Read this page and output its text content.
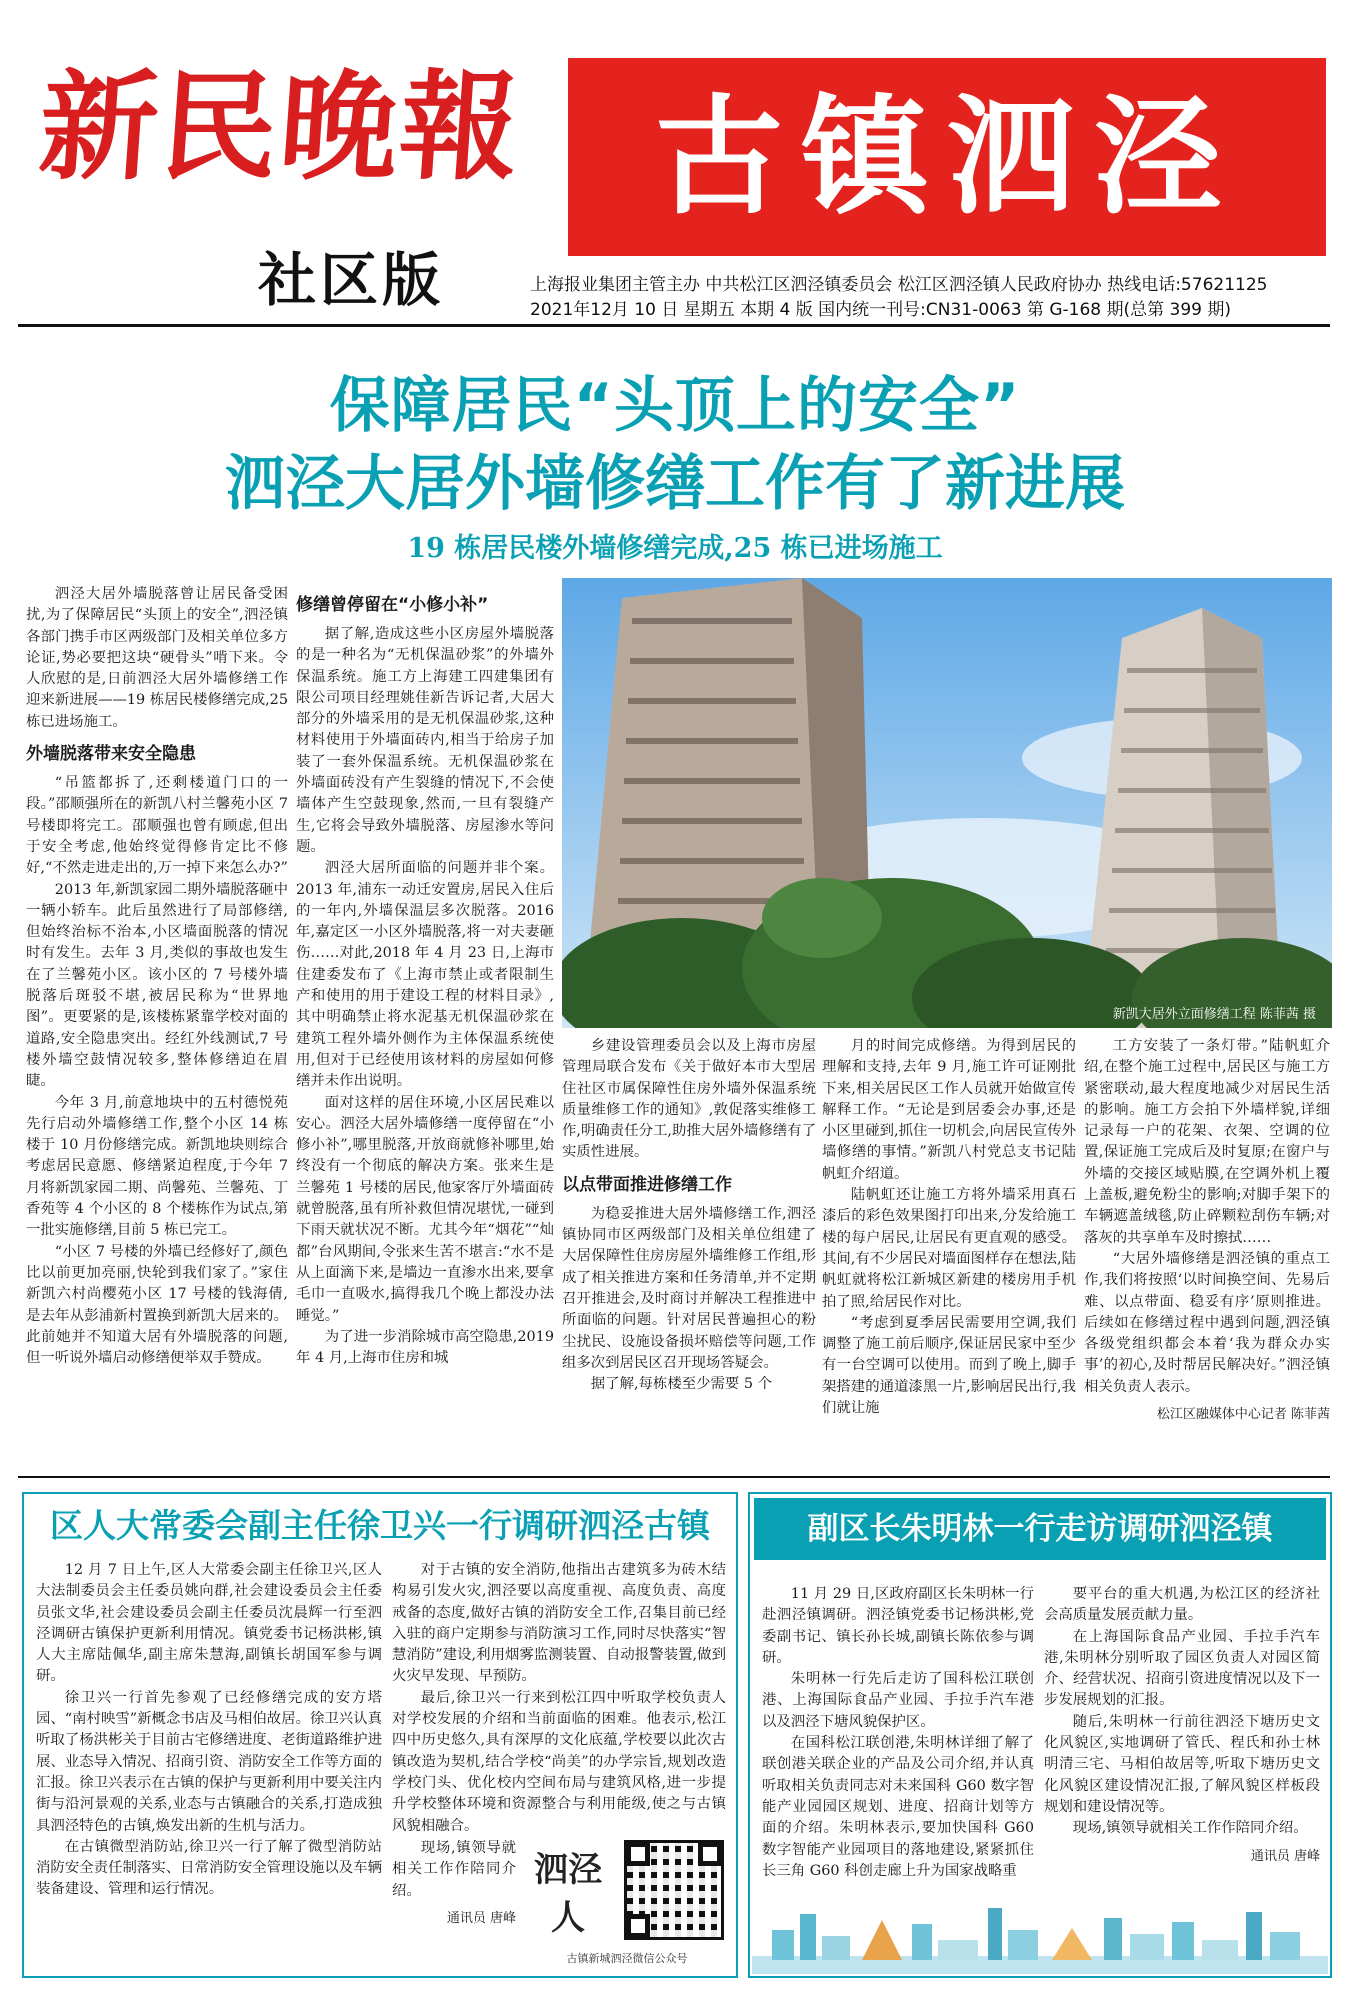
新民晚報
社区版
古镇泗泾
上海报业集团主管主办 中共松江区泗泾镇委员会 松江区泗泾镇人民政府协办 热线电话:57621125
2021年12月 10 日 星期五 本期 4 版 国内统一刊号:CN31-0063 第 G-168 期(总第 399 期)
保障居民“头顶上的安全”
泗泾大居外墙修缮工作有了新进展
19 栋居民楼外墙修缮完成,25 栋已进场施工

泗泾大居外墙脱落曾让居民备受困扰,为了保障居民“头顶上的安全”,泗泾镇各部门携手市区两级部门及相关单位多方论证,势必要把这块“硬骨头”啃下来。令人欣慰的是,日前泗泾大居外墙修缮工作迎来新进展——19 栋居民楼修缮完成,25 栋已进场施工。

外墙脱落带来安全隐患

“吊篮都拆了,还剩楼道门口的一段。”邵顺强所在的新凯八村兰馨苑小区 7 号楼即将完工。邵顺强也曾有顾虑,但出于安全考虑,他始终觉得修肯定比不修好,“不然走进走出的,万一掉下来怎么办?”

2013 年,新凯家园二期外墙脱落砸中一辆小轿车。此后虽然进行了局部修缮,但始终治标不治本,小区墙面脱落的情况时有发生。去年 3 月,类似的事故也发生在了兰馨苑小区。该小区的 7 号楼外墙脱落后斑驳不堪,被居民称为“世界地图”。更要紧的是,该楼栋紧靠学校对面的道路,安全隐患突出。经红外线测试,7 号楼外墙空鼓情况较多,整体修缮迫在眉睫。

今年 3 月,前意地块中的五村德悦苑先行启动外墙修缮工作,整个小区 14 栋楼于 10 月份修缮完成。新凯地块则综合考虑居民意愿、修缮紧迫程度,于今年 7 月将新凯家园二期、尚馨苑、兰馨苑、丁香苑等 4 个小区的 8 个楼栋作为试点,第一批实施修缮,目前 5 栋已完工。

“小区 7 号楼的外墙已经修好了,颜色比以前更加亮丽,快轮到我们家了。”家住新凯六村尚樱苑小区 17 号楼的钱海倩,是去年从彭浦新村置换到新凯大居来的。此前她并不知道大居有外墙脱落的问题,但一听说外墙启动修缮便举双手赞成。

修缮曾停留在“小修小补”

据了解,造成这些小区房屋外墙脱落的是一种名为“无机保温砂浆”的外墙外保温系统。施工方上海建工四建集团有限公司项目经理姚佳新告诉记者,大居大部分的外墙采用的是无机保温砂浆,这种材料使用于外墙面砖内,相当于给房子加装了一套外保温系统。无机保温砂浆在外墙面砖没有产生裂缝的情况下,不会使墙体产生空鼓现象,然而,一旦有裂缝产生,它将会导致外墙脱落、房屋渗水等问题。

泗泾大居所面临的问题并非个案。2013 年,浦东一动迁安置房,居民入住后的一年内,外墙保温层多次脱落。2016 年,嘉定区一小区外墙脱落,将一对夫妻砸伤……对此,2018 年 4 月 23 日,上海市住建委发布了《上海市禁止或者限制生产和使用的用于建设工程的材料目录》,其中明确禁止将水泥基无机保温砂浆在建筑工程外墙外侧作为主体保温系统使用,但对于已经使用该材料的房屋如何修缮并未作出说明。

面对这样的居住环境,小区居民难以安心。泗泾大居外墙修缮一度停留在“小修小补”,哪里脱落,开放商就修补哪里,始终没有一个彻底的解决方案。张来生是兰馨苑 1 号楼的居民,他家客厅外墙面砖就曾脱落,虽有所补救但情况堪忧,一碰到下雨天就状况不断。尤其今年“烟花”“灿都”台风期间,令张来生苦不堪言:“水不是从上面滴下来,是墙边一直渗水出来,要拿毛巾一直吸水,搞得我几个晚上都没办法睡觉。”

为了进一步消除城市高空隐患,2019 年 4 月,上海市住房和城

新凯大居外立面修缮工程 陈菲茜 摄

乡建设管理委员会以及上海市房屋管理局联合发布《关于做好本市大型居住社区市属保障性住房外墙外保温系统质量维修工作的通知》,敦促落实维修工作,明确责任分工,助推大居外墙修缮有了实质性进展。

以点带面推进修缮工作

为稳妥推进大居外墙修缮工作,泗泾镇协同市区两级部门及相关单位组建了大居保障性住房房屋外墙维修工作组,形成了相关推进方案和任务清单,并不定期召开推进会,及时商讨并解决工程推进中所面临的问题。针对居民普遍担心的粉尘扰民、设施设备损坏赔偿等问题,工作组多次到居民区召开现场答疑会。

据了解,每栋楼至少需要 5 个

月的时间完成修缮。为得到居民的理解和支持,去年 9 月,施工许可证刚批下来,相关居民区工作人员就开始做宣传解释工作。“无论是到居委会办事,还是小区里碰到,抓住一切机会,向居民宣传外墙修缮的事情。”新凯八村党总支书记陆帆虹介绍道。

陆帆虹还让施工方将外墙采用真石漆后的彩色效果图打印出来,分发给施工楼的每户居民,让居民有更直观的感受。其间,有不少居民对墙面图样存在想法,陆帆虹就将松江新城区新建的楼房用手机拍了照,给居民作对比。

“考虑到夏季居民需要用空调,我们调整了施工前后顺序,保证居民家中至少有一台空调可以使用。而到了晚上,脚手架搭建的通道漆黑一片,影响居民出行,我们就让施

工方安装了一条灯带。”陆帆虹介绍,在整个施工过程中,居民区与施工方紧密联动,最大程度地减少对居民生活的影响。施工方会拍下外墙样貌,详细记录每一户的花架、衣架、空调的位置,保证施工完成后及时复原;在窗户与外墙的交接区域贴膜,在空调外机上覆上盖板,避免粉尘的影响;对脚手架下的车辆遮盖绒毯,防止碎颗粒刮伤车辆;对落灰的共享单车及时擦拭……

“大居外墙修缮是泗泾镇的重点工作,我们将按照‘以时间换空间、先易后难、以点带面、稳妥有序’原则推进。后续如在修缮过程中遇到问题,泗泾镇各级党组织都会本着‘我为群众办实事’的初心,及时帮居民解决好。”泗泾镇相关负责人表示。

松江区融媒体中心记者 陈菲茜

区人大常委会副主任徐卫兴一行调研泗泾古镇

12 月 7 日上午,区人大常委会副主任徐卫兴,区人大法制委员会主任委员姚向群,社会建设委员会主任委员张文华,社会建设委员会副主任委员沈晨辉一行至泗泾调研古镇保护更新利用情况。镇党委书记杨洪彬,镇人大主席陆佩华,副主席朱慧海,副镇长胡国军参与调研。

徐卫兴一行首先参观了已经修缮完成的安方塔园、“南村映雪”新概念书店及马相伯故居。徐卫兴认真听取了杨洪彬关于目前古宅修缮进度、老街道路维护进展、业态导入情况、招商引资、消防安全工作等方面的汇报。徐卫兴表示在古镇的保护与更新利用中要关注内街与沿河景观的关系,业态与古镇融合的关系,打造成独具泗泾特色的古镇,焕发出新的生机与活力。

在古镇微型消防站,徐卫兴一行了解了微型消防站消防安全责任制落实、日常消防安全管理设施以及车辆装备建设、管理和运行情况。

对于古镇的安全消防,他指出古建筑多为砖木结构易引发火灾,泗泾要以高度重视、高度负责、高度戒备的态度,做好古镇的消防安全工作,召集目前已经入驻的商户定期参与消防演习工作,同时尽快落实“智慧消防”建设,利用烟雾监测装置、自动报警装置,做到火灾早发现、早预防。

最后,徐卫兴一行来到松江四中听取学校负责人对学校发展的介绍和当前面临的困难。他表示,松江四中历史悠久,具有深厚的文化底蕴,学校要以此次古镇改造为契机,结合学校“尚美”的办学宗旨,规划改造学校门头、优化校内空间布局与建筑风格,进一步提升学校整体环境和资源整合与利用能级,使之与古镇风貌相融合。

现场,镇领导就相关工作作陪同介绍。

通讯员 唐峰

泗泾人
古镇新城泗泾微信公众号
副区长朱明林一行走访调研泗泾镇

11 月 29 日,区政府副区长朱明林一行赴泗泾镇调研。泗泾镇党委书记杨洪彬,党委副书记、镇长孙长城,副镇长陈依参与调研。

朱明林一行先后走访了国科松江联创港、上海国际食品产业园、手拉手汽车港以及泗泾下塘风貌保护区。

在国科松江联创港,朱明林详细了解了联创港关联企业的产品及公司介绍,并认真听取相关负责同志对未来国科 G60 数字智能产业园园区规划、进度、招商计划等方面的介绍。朱明林表示,要加快国科 G60 数字智能产业园项目的落地建设,紧紧抓住长三角 G60 科创走廊上升为国家战略重

要平台的重大机遇,为松江区的经济社会高质量发展贡献力量。

在上海国际食品产业园、手拉手汽车港,朱明林分别听取了园区负责人对园区简介、经营状况、招商引资进度情况以及下一步发展规划的汇报。

随后,朱明林一行前往泗泾下塘历史文化风貌区,实地调研了管氏、程氏和孙士林明清三宅、马相伯故居等,听取下塘历史文化风貌区建设情况汇报,了解风貌区样板段规划和建设情况等。

现场,镇领导就相关工作作陪同介绍。

通讯员 唐峰
